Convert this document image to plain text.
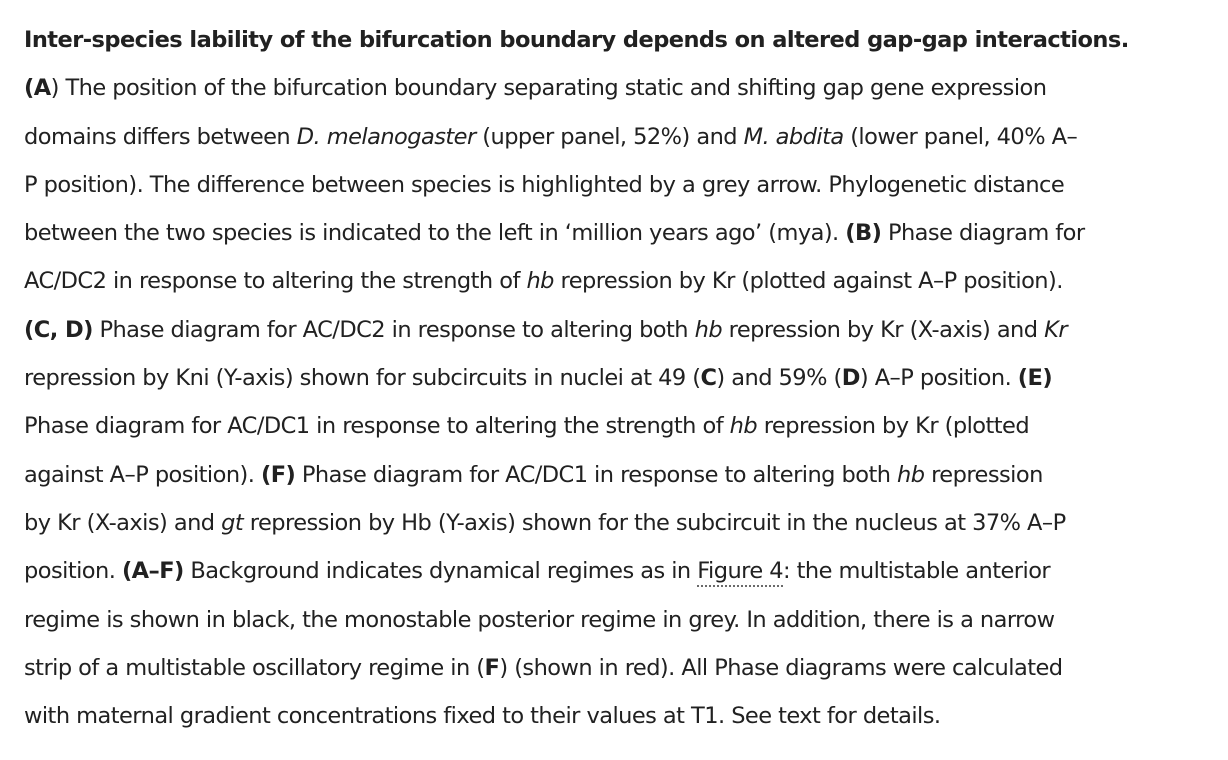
Inter-species lability of the bifurcation boundary depends on altered gap-gap interactions.
(A) The position of the bifurcation boundary separating static and shifting gap gene expression
domains differs between D. melanogaster (upper panel, 52%) and M. abdita (lower panel, 40% A–
P position). The difference between species is highlighted by a grey arrow. Phylogenetic distance
between the two species is indicated to the left in ‘million years ago’ (mya). (B) Phase diagram for
AC/DC2 in response to altering the strength of hb repression by Kr (plotted against A–P position).
(C, D) Phase diagram for AC/DC2 in response to altering both hb repression by Kr (X-axis) and Kr
repression by Kni (Y-axis) shown for subcircuits in nuclei at 49 (C) and 59% (D) A–P position. (E)
Phase diagram for AC/DC1 in response to altering the strength of hb repression by Kr (plotted
against A–P position). (F) Phase diagram for AC/DC1 in response to altering both hb repression
by Kr (X-axis) and gt repression by Hb (Y-axis) shown for the subcircuit in the nucleus at 37% A–P
position. (A–F) Background indicates dynamical regimes as in Figure 4: the multistable anterior
regime is shown in black, the monostable posterior regime in grey. In addition, there is a narrow
strip of a multistable oscillatory regime in (F) (shown in red). All Phase diagrams were calculated
with maternal gradient concentrations fixed to their values at T1. See text for details.
